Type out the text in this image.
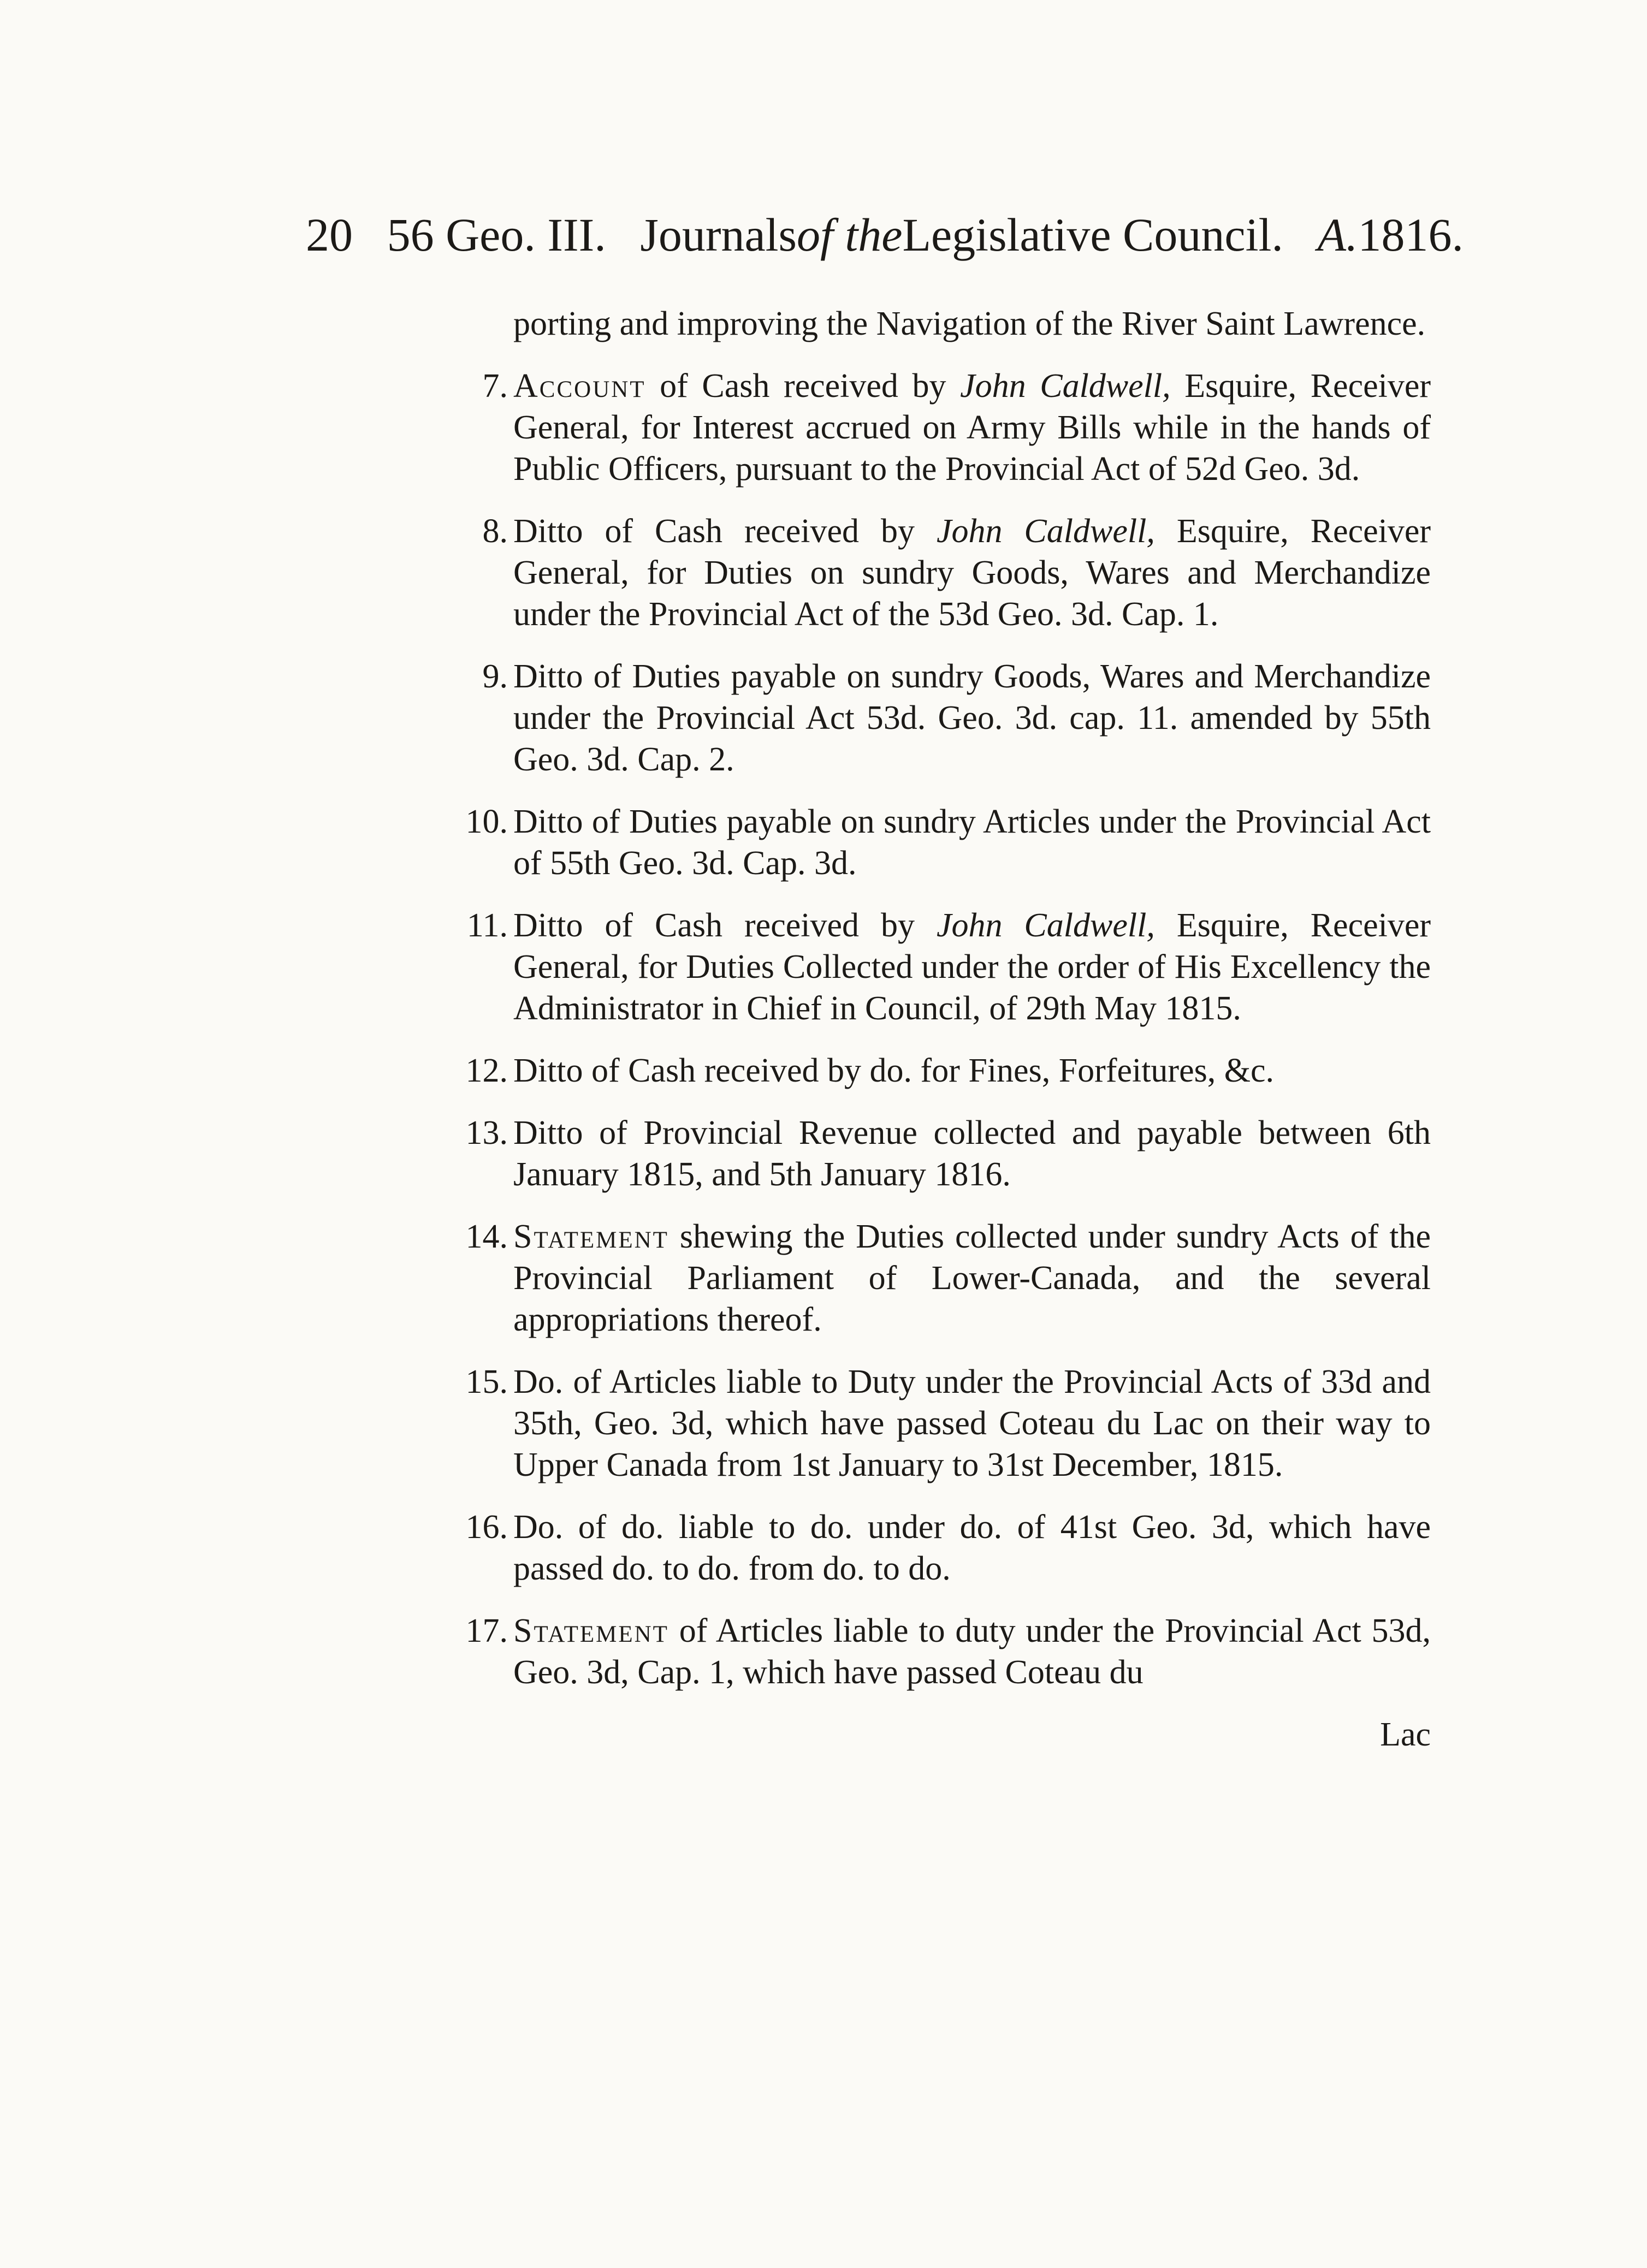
20 56 Geo. III. Journalsof theLegislative Council. A.1816.
porting and improving the Navigation of the River Saint Lawrence.
7. Account of Cash received by John Caldwell, Esquire, Receiver General, for Interest accrued on Army Bills while in the hands of Public Officers, pursuant to the Provincial Act of 52d Geo. 3d.
8. Ditto of Cash received by John Caldwell, Esquire, Receiver General, for Duties on sundry Goods, Wares and Merchandize under the Provincial Act of the 53d Geo. 3d. Cap. 1.
9. Ditto of Duties payable on sundry Goods, Wares and Merchandize under the Provincial Act 53d. Geo. 3d. cap. 11. amended by 55th Geo. 3d. Cap. 2.
10. Ditto of Duties payable on sundry Articles under the Provincial Act of 55th Geo. 3d. Cap. 3d.
11. Ditto of Cash received by John Caldwell, Esquire, Receiver General, for Duties Collected under the order of His Excellency the Administrator in Chief in Council, of 29th May 1815.
12. Ditto of Cash received by do. for Fines, Forfeitures, &c.
13. Ditto of Provincial Revenue collected and payable between 6th January 1815, and 5th January 1816.
14. Statement shewing the Duties collected under sundry Acts of the Provincial Parliament of Lower-Canada, and the several appropriations thereof.
15. Do. of Articles liable to Duty under the Provincial Acts of 33d and 35th, Geo. 3d, which have passed Coteau du Lac on their way to Upper Canada from 1st January to 31st December, 1815.
16. Do. of do. liable to do. under do. of 41st Geo. 3d, which have passed do. to do. from do. to do.
17. Statement of Articles liable to duty under the Provincial Act 53d, Geo. 3d, Cap. 1, which have passed Coteau du
Lac
